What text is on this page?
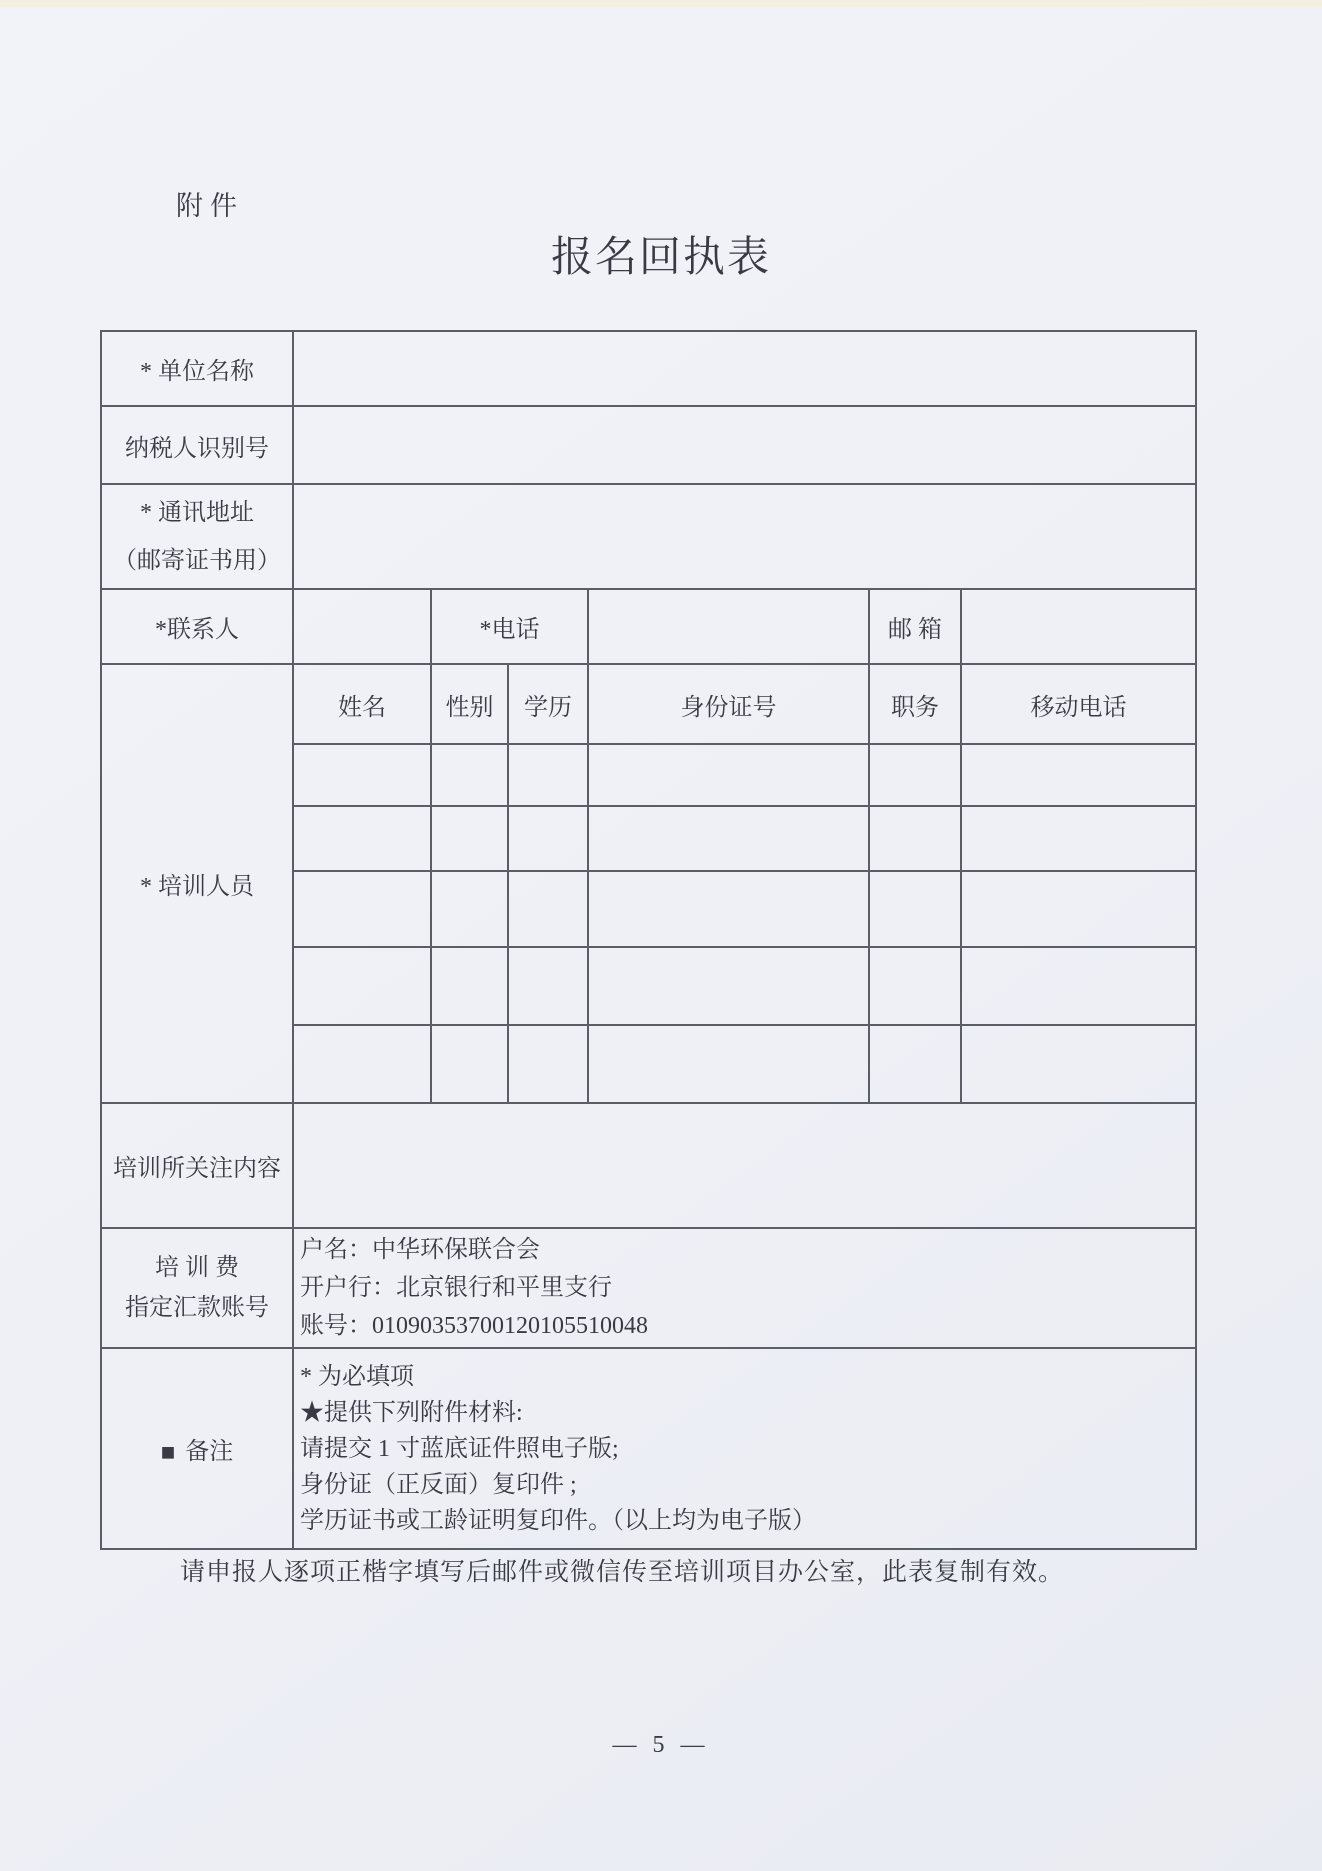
附件
报名回执表
* 单位名称						
纳税人识别号						

* 通讯地址
（邮寄证书用）						

*联系人		*电话			邮 箱	
* 培训人员	姓名	性别	学历	身份证号	职务	移动电话

培训所关注内容						

培 训 费
指定汇款账号

户名：中华环保联合会
开户行：北京银行和平里支行
账号：01090353700120105510048

■ 备注	* 为必填项
★提供下列附件材料:
请提交 1 寸蓝底证件照电子版;
身份证（正反面）复印件 ;
学历证书或工龄证明复印件。（以上均为电子版）					
请申报人逐项正楷字填写后邮件或微信传至培训项目办公室，此表复制有效。
— 5 —
